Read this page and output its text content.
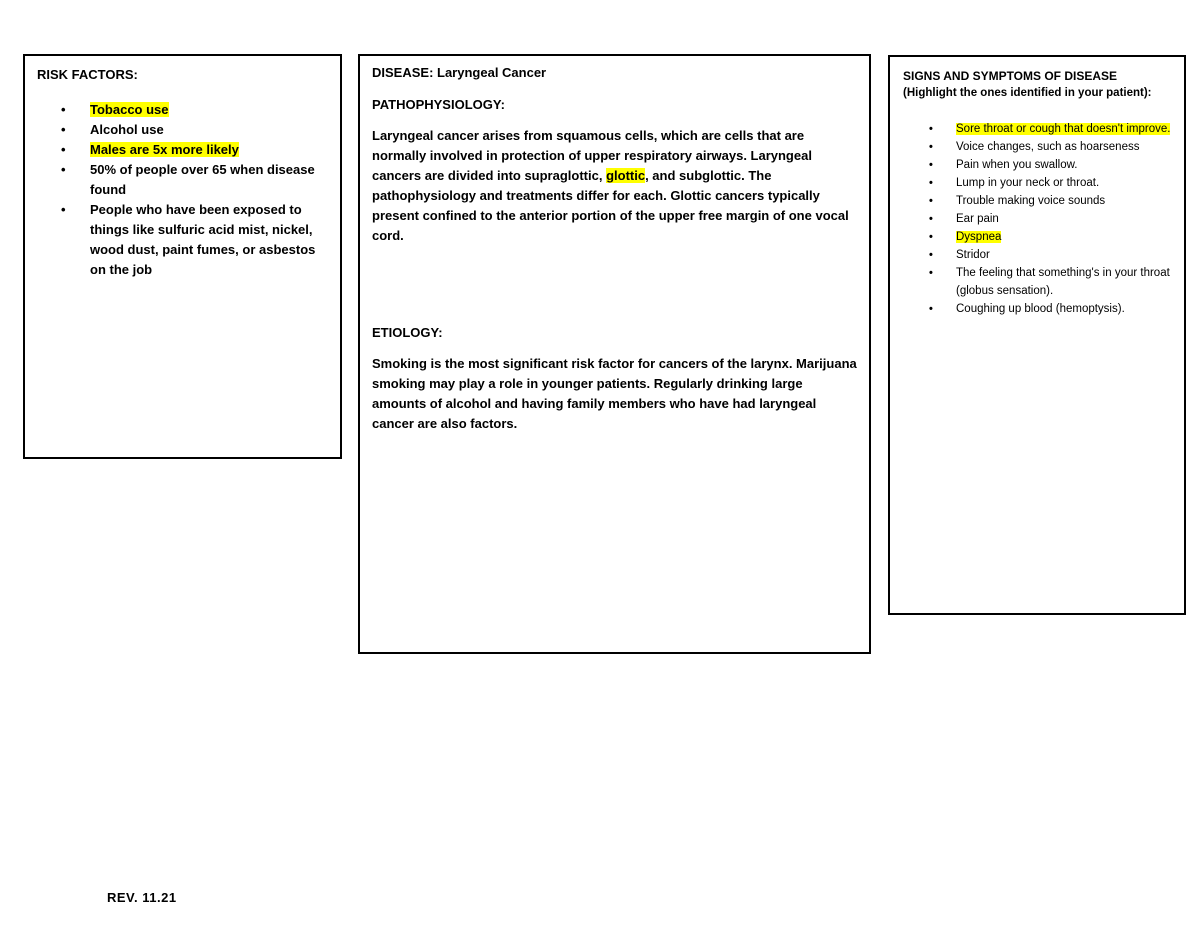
RISK FACTORS:

• Tobacco use
• Alcohol use
• Males are 5x more likely
• 50% of people over 65 when disease found
• People who have been exposed to things like sulfuric acid mist, nickel, wood dust, paint fumes, or asbestos on the job

DISEASE: Laryngeal Cancer

PATHOPHYSIOLOGY:

Laryngeal cancer arises from squamous cells, which are cells that are normally involved in protection of upper respiratory airways. Laryngeal cancers are divided into supraglottic, glottic, and subglottic. The pathophysiology and treatments differ for each. Glottic cancers typically present confined to the anterior portion of the upper free margin of one vocal cord.

ETIOLOGY:

Smoking is the most significant risk factor for cancers of the larynx. Marijuana smoking may play a role in younger patients. Regularly drinking large amounts of alcohol and having family members who have had laryngeal cancer are also factors.

SIGNS AND SYMPTOMS OF DISEASE

(Highlight the ones identified in your patient):

• Sore throat or cough that doesn't improve.
• Voice changes, such as hoarseness
• Pain when you swallow.
• Lump in your neck or throat.
• Trouble making voice sounds
• Ear pain
• Dyspnea
• Stridor
• The feeling that something's in your throat (globus sensation).
• Coughing up blood (hemoptysis).
REV. 11.21
